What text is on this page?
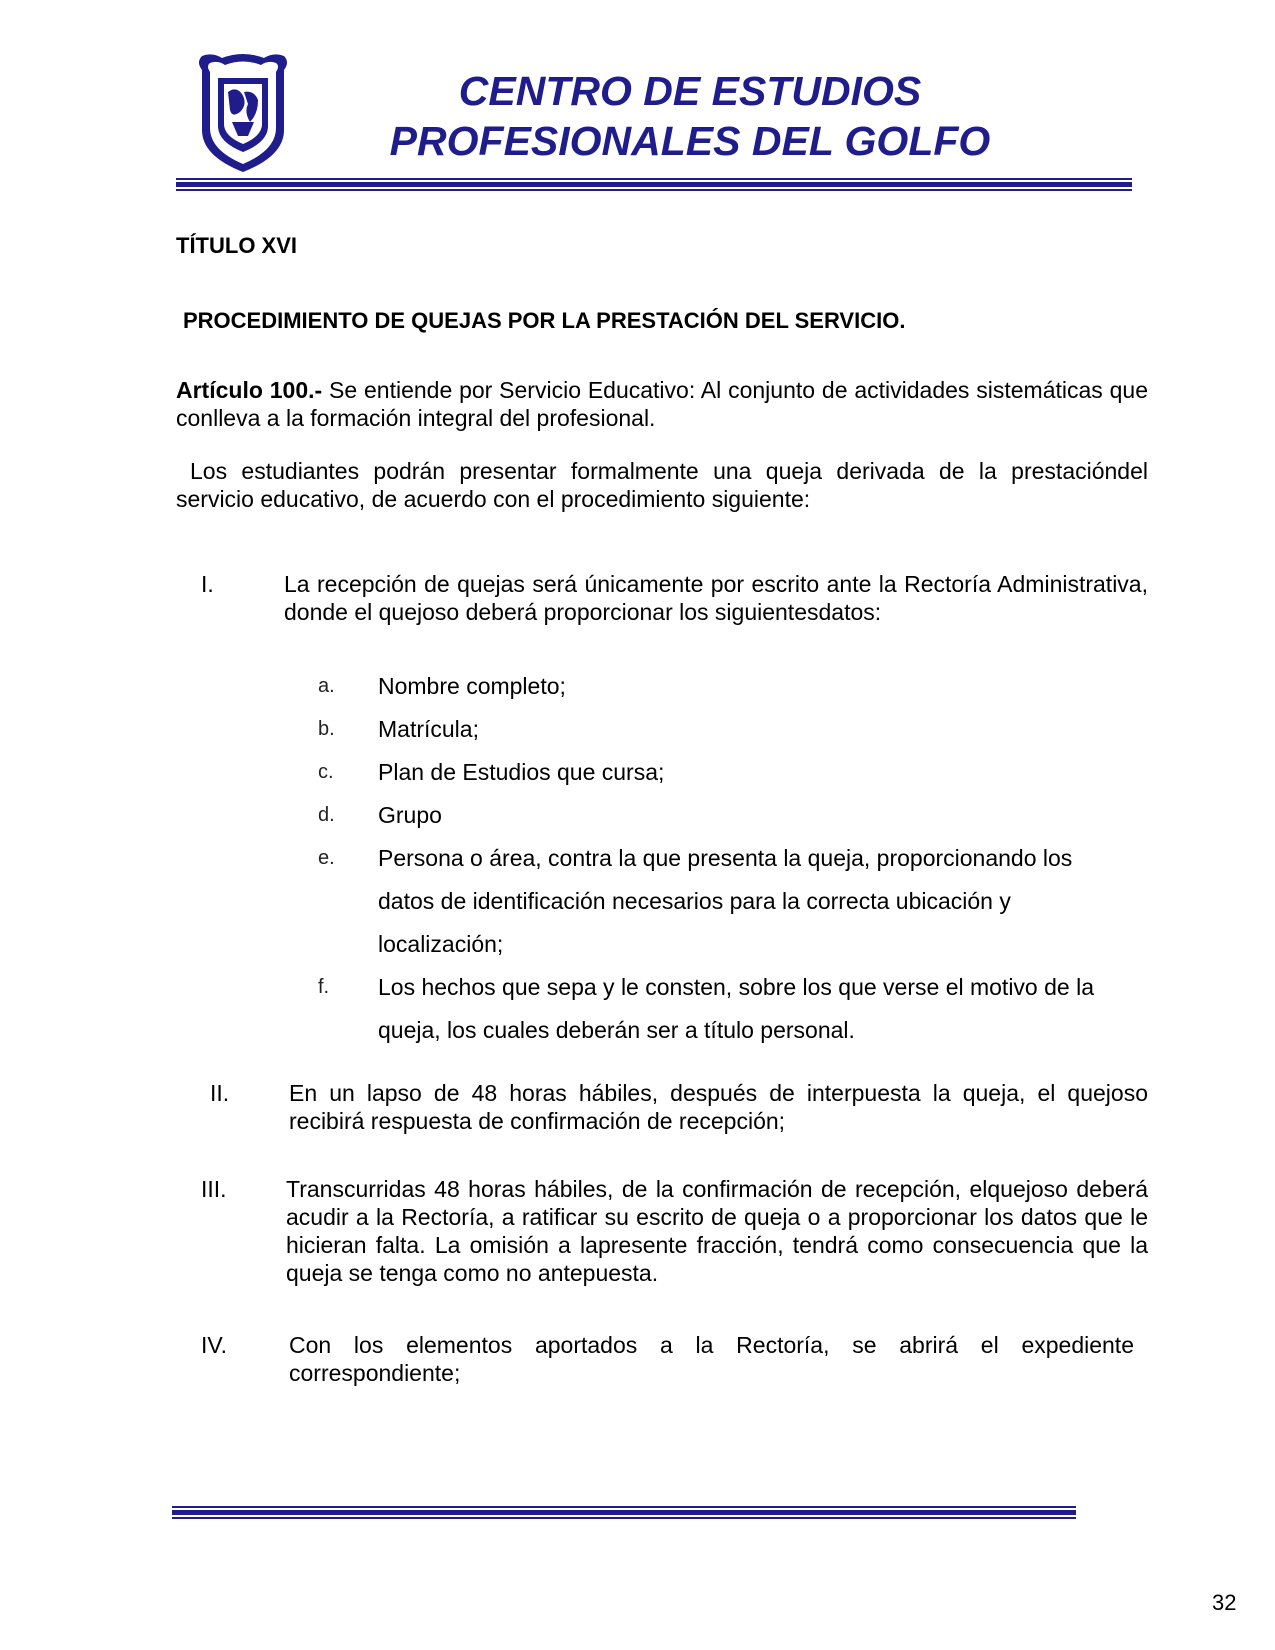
CENTRO DE ESTUDIOS
PROFESIONALES DEL GOLFO
TÍTULO XVI
PROCEDIMIENTO DE QUEJAS POR LA PRESTACIÓN DEL SERVICIO.
Artículo 100.- Se entiende por Servicio Educativo: Al conjunto de actividades sistemáticas que conlleva a la formación integral del profesional.
Los estudiantes podrán presentar formalmente una queja derivada de la prestacióndel servicio educativo, de acuerdo con el procedimiento siguiente:
I.	La recepción de quejas será únicamente por escrito ante la Rectoría Administrativa, donde el quejoso deberá proporcionar los siguientesdatos:
a. Nombre completo;
b. Matrícula;
c. Plan de Estudios que cursa;
d. Grupo
e. Persona o área, contra la que presenta la queja, proporcionando los datos de identificación necesarios para la correcta ubicación y localización;
f. Los hechos que sepa y le consten, sobre los que verse el motivo de la queja, los cuales deberán ser a título personal.
II.	En un lapso de 48 horas hábiles, después de interpuesta la queja, el quejoso recibirá respuesta de confirmación de recepción;
III.	Transcurridas 48 horas hábiles, de la confirmación de recepción, elquejoso deberá acudir a la Rectoría, a ratificar su escrito de queja o a proporcionar los datos que le hicieran falta. La omisión a lapresente fracción, tendrá como consecuencia que la queja se tenga como no antepuesta.
IV.	Con los elementos aportados a la Rectoría, se abrirá el expediente correspondiente;
32
